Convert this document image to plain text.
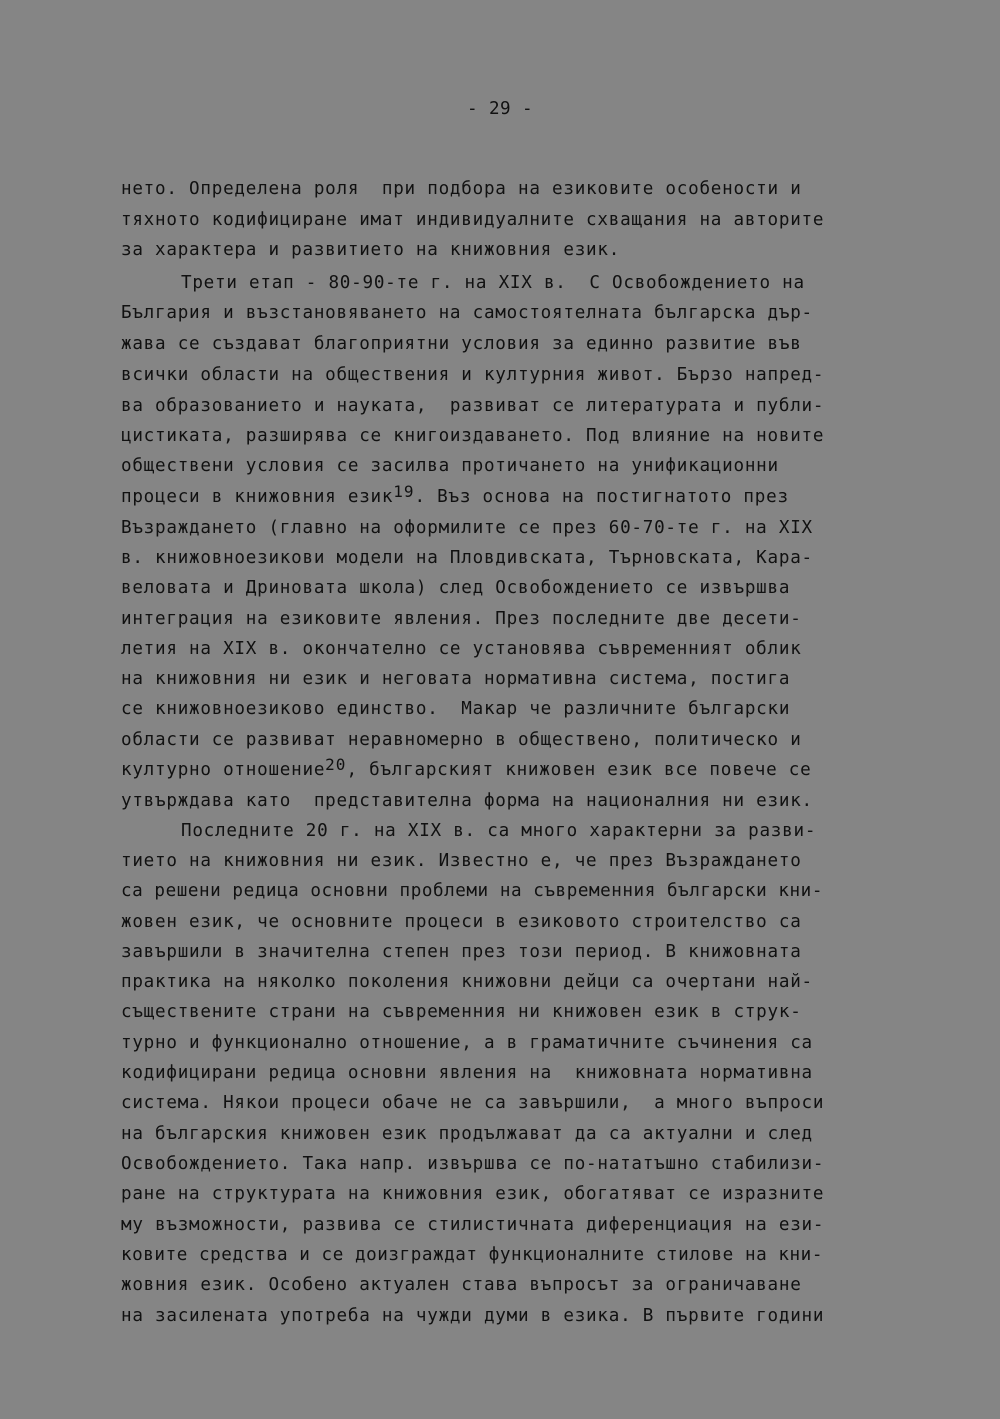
- 29 -
нето. Определена роля  при подбора на езиковите особености и
тяхното кодифициране имат индивидуалните схващания на авторите
за характера и развитието на книжовния език.
Трети етап - 80-90-те г. на XIX в.  С Освобождението на
България и възстановяването на самостоятелната българска дър-
жава се създават благоприятни условия за единно развитие във
всички области на обществения и културния живот. Бързо напред-
ва образованието и науката,  развиват се литературата и публи-
цистиката, разширява се книгоиздаването. Под влияние на новите
обществени условия се засилва протичането на унификационни
процеси в книжовния език$^{19}$. Въз основа на постигнатото през
Възраждането (главно на оформилите се през 60-70-те г. на XIX
в. книжовноезикови модели на Пловдивската, Търновската, Кара-
веловата и Дриновата школа) след Освобождението се извършва
интеграция на езиковите явления. През последните две десети-
летия на XIX в. окончателно се установява съвременният облик
на книжовния ни език и неговата нормативна система, постига
се книжовноезиково единство.  Макар че различните български
области се развиват неравномерно в обществено, политическо и
културно отношение$^{20}$, българският книжовен език все повече се
утвърждава като  представителна форма на националния ни език.
Последните 20 г. на XIX в. са много характерни за разви-
тието на книжовния ни език. Известно е, че през Възраждането
са решени редица основни проблеми на съвременния български кни-
жовен език, че основните процеси в езиковото строителство са
завършили в значителна степен през този период. В книжовната
практика на няколко поколения книжовни дейци са очертани най-
съществените страни на съвременния ни книжовен език в струк-
турно и функционално отношение, а в граматичните съчинения са
кодифицирани редица основни явления на  книжовната нормативна
система. Някои процеси обаче не са завършили,  а много въпроси
на българския книжовен език продължават да са актуални и след
Освобождението. Така напр. извършва се по-нататъшно стабилизи-
ране на структурата на книжовния език, обогатяват се изразните
му възможности, развива се стилистичната диференциация на ези-
ковите средства и се доизграждат функционалните стилове на кни-
жовния език. Особено актуален става въпросът за ограничаване
на засилената употреба на чужди думи в езика. В първите години
